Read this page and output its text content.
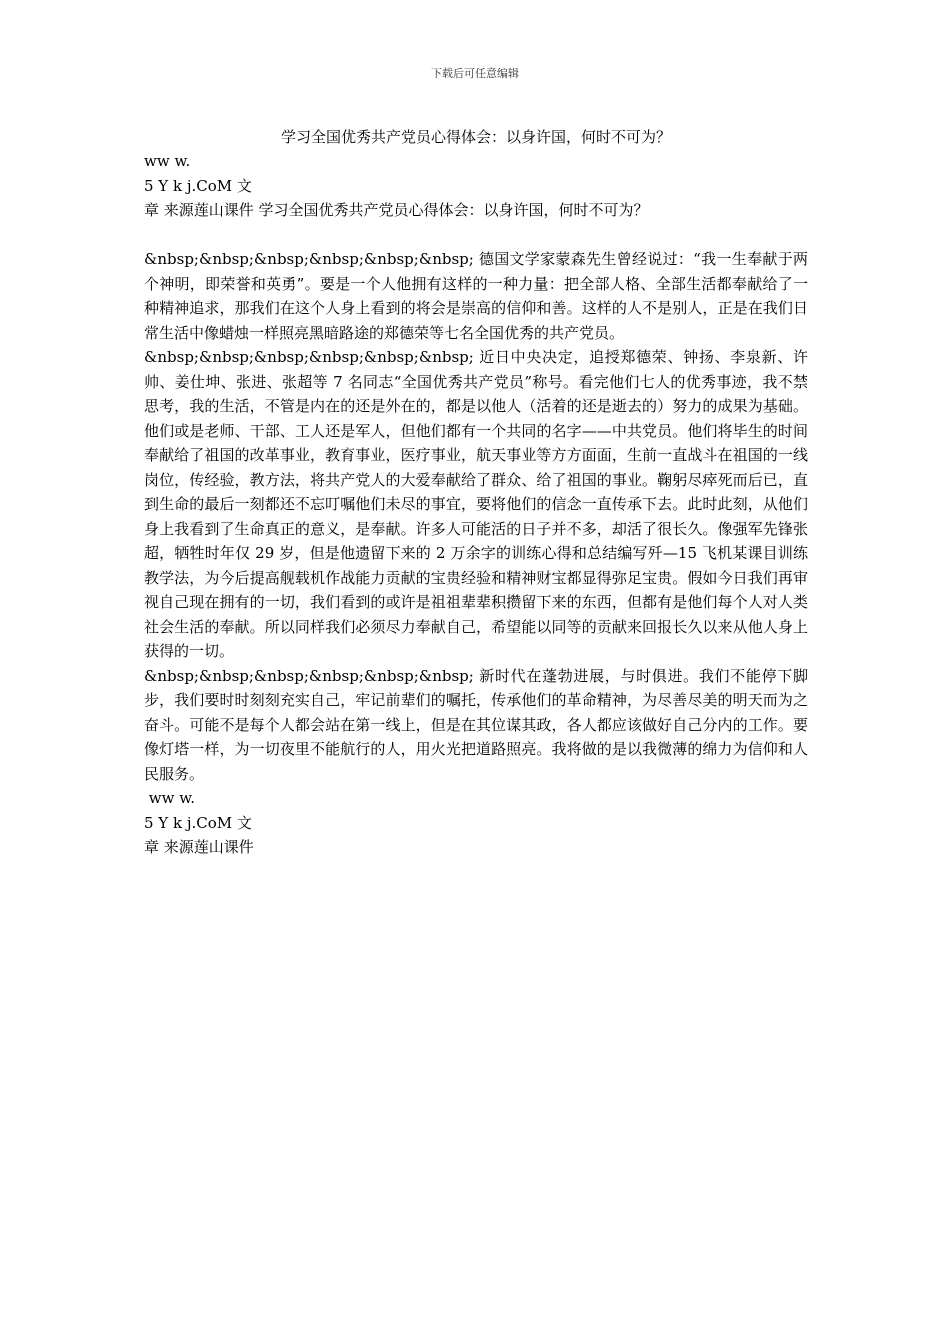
下载后可任意编辑

学习全国优秀共产党员心得体会：以身许国，何时不可为？

ww w.

5 Y k j.CoM 文

章 来源莲山课件 学习全国优秀共产党员心得体会：以身许国，何时不可为？

&nbsp;&nbsp;&nbsp;&nbsp;&nbsp;&nbsp; 德国文学家蒙森先生曾经说过：“我一生奉献于两个神明，即荣誉和英勇”。要是一个人他拥有这样的一种力量：把全部人格、全部生活都奉献给了一种精神追求，那我们在这个人身上看到的将会是崇高的信仰和善。这样的人不是别人，正是在我们日常生活中像蜡烛一样照亮黑暗路途的郑德荣等七名全国优秀的共产党员。

&nbsp;&nbsp;&nbsp;&nbsp;&nbsp;&nbsp; 近日中央决定，追授郑德荣、钟扬、李泉新、许帅、姜仕坤、张进、张超等 7 名同志“全国优秀共产党员”称号。看完他们七人的优秀事迹，我不禁思考，我的生活，不管是内在的还是外在的，都是以他人（活着的还是逝去的）努力的成果为基础。他们或是老师、干部、工人还是军人，但他们都有一个共同的名字——中共党员。他们将毕生的时间奉献给了祖国的改革事业，教育事业，医疗事业，航天事业等方方面面，生前一直战斗在祖国的一线岗位，传经验，教方法，将共产党人的大爱奉献给了群众、给了祖国的事业。鞠躬尽瘁死而后已，直到生命的最后一刻都还不忘叮嘱他们未尽的事宜，要将他们的信念一直传承下去。此时此刻，从他们身上我看到了生命真正的意义，是奉献。许多人可能活的日子并不多，却活了很长久。像强军先锋张超，牺牲时年仅 29 岁，但是他遗留下来的 2 万余字的训练心得和总结编写歼—15 飞机某课目训练教学法，为今后提高舰载机作战能力贡献的宝贵经验和精神财宝都显得弥足宝贵。假如今日我们再审视自己现在拥有的一切，我们看到的或许是祖祖辈辈积攒留下来的东西，但都有是他们每个人对人类社会生活的奉献。所以同样我们必须尽力奉献自己，希望能以同等的贡献来回报长久以来从他人身上获得的一切。

&nbsp;&nbsp;&nbsp;&nbsp;&nbsp;&nbsp; 新时代在蓬勃进展，与时俱进。我们不能停下脚步，我们要时时刻刻充实自己，牢记前辈们的嘱托，传承他们的革命精神，为尽善尽美的明天而为之奋斗。可能不是每个人都会站在第一线上，但是在其位谋其政，各人都应该做好自己分内的工作。要像灯塔一样，为一切夜里不能航行的人，用火光把道路照亮。我将做的是以我微薄的绵力为信仰和人民服务。

ww w.

5 Y k j.CoM 文

章 来源莲山课件
